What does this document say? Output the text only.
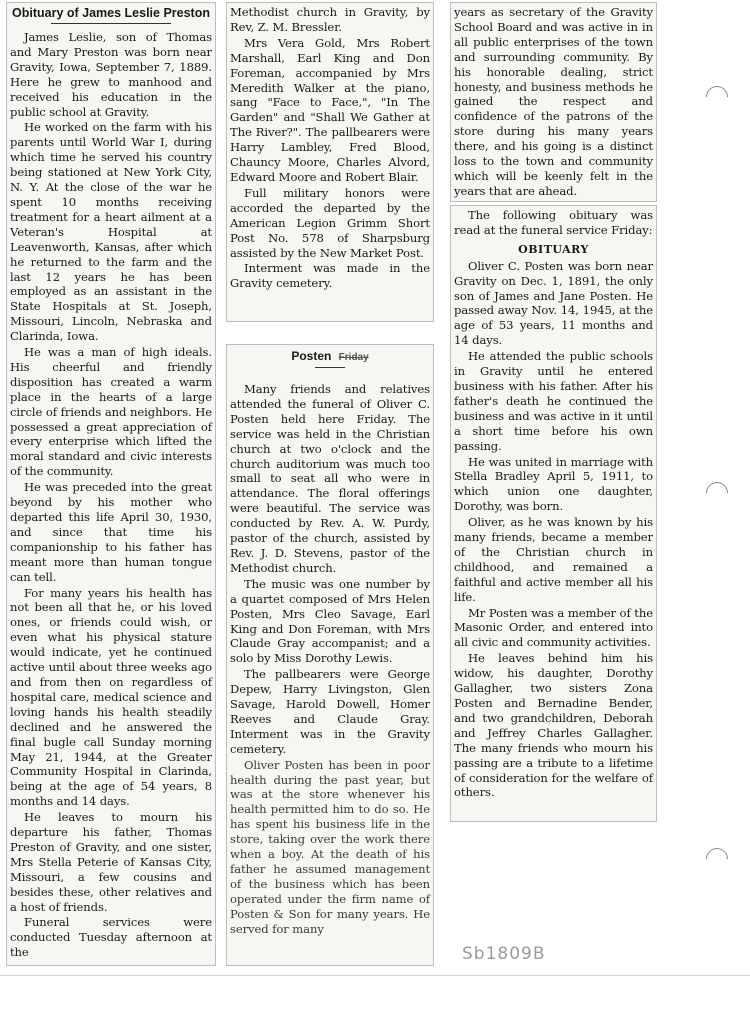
Obituary of James Leslie Preston

James Leslie, son of Thomas and Mary Preston was born near Gravity, Iowa, September 7, 1889. Here he grew to manhood and received his education in the public school at Gravity.

He worked on the farm with his parents until World War I, during which time he served his country being stationed at New York City, N. Y. At the close of the war he spent 10 months receiving treatment for a heart ailment at a Veteran's Hospital at Leavenworth, Kansas, after which he returned to the farm and the last 12 years he has been employed as an assistant in the State Hospitals at St. Joseph, Missouri, Lincoln, Nebraska and Clarinda, Iowa.

He was a man of high ideals. His cheerful and friendly disposition has created a warm place in the hearts of a large circle of friends and neighbors. He possessed a great appreciation of every enterprise which lifted the moral standard and civic interests of the community.

He was preceded into the great beyond by his mother who departed this life April 30, 1930, and since that time his companionship to his father has meant more than human tongue can tell.

For many years his health has not been all that he, or his loved ones, or friends could wish, or even what his physical stature would indicate, yet he continued active until about three weeks ago and from then on regardless of hospital care, medical science and loving hands his health steadily declined and he answered the final bugle call Sunday morning May 21, 1944, at the Greater Community Hospital in Clarinda, being at the age of 54 years, 8 months and 14 days.

He leaves to mourn his departure his father, Thomas Preston of Gravity, and one sister, Mrs Stella Peterie of Kansas City, Missouri, a few cousins and besides these, other relatives and a host of friends.

Funeral services were conducted Tuesday afternoon at the

Methodist church in Gravity, by Rev, Z. M. Bressler.

Mrs Vera Gold, Mrs Robert Marshall, Earl King and Don Foreman, accompanied by Mrs Meredith Walker at the piano, sang "Face to Face,", "In The Garden" and "Shall We Gather at The River?". The pallbearers were Harry Lambley, Fred Blood, Chauncy Moore, Charles Alvord, Edward Moore and Robert Blair.

Full military honors were accorded the departed by the American Legion Grimm Short Post No. 578 of Sharpsburg assisted by the New Market Post.

Interment was made in the Gravity cemetery.

Posten Friday

Many friends and relatives attended the funeral of Oliver C. Posten held here Friday. The service was held in the Christian church at two o'clock and the church auditorium was much too small to seat all who were in attendance. The floral offerings were beautiful. The service was conducted by Rev. A. W. Purdy, pastor of the church, assisted by Rev. J. D. Stevens, pastor of the Methodist church.

The music was one number by a quartet composed of Mrs Helen Posten, Mrs Cleo Savage, Earl King and Don Foreman, with Mrs Claude Gray accompanist; and a solo by Miss Dorothy Lewis.

The pallbearers were George Depew, Harry Livingston, Glen Savage, Harold Dowell, Homer Reeves and Claude Gray. Interment was in the Gravity cemetery.

Oliver Posten has been in poor health during the past year, but was at the store whenever his health permitted him to do so. He has spent his business life in the store, taking over the work there when a boy. At the death of his father he assumed management of the business which has been operated under the firm name of Posten & Son for many years. He served for many

years as secretary of the Gravity School Board and was active in in all public enterprises of the town and surrounding community. By his honorable dealing, strict honesty, and business methods he gained the respect and confidence of the patrons of the store during his many years there, and his going is a distinct loss to the town and community which will be keenly felt in the years that are ahead.

The following obituary was read at the funeral service Friday:

OBITUARY

Oliver C. Posten was born near Gravity on Dec. 1, 1891, the only son of James and Jane Posten. He passed away Nov. 14, 1945, at the age of 53 years, 11 months and 14 days.

He attended the public schools in Gravity until he entered business with his father. After his father's death he continued the business and was active in it until a short time before his own passing.

He was united in marriage with Stella Bradley April 5, 1911, to which union one daughter, Dorothy, was born.

Oliver, as he was known by his many friends, became a member of the Christian church in childhood, and remained a faithful and active member all his life.

Mr Posten was a member of the Masonic Order, and entered into all civic and community activities.

He leaves behind him his widow, his daughter, Dorothy Gallagher, two sisters Zona Posten and Bernadine Bender, and two grandchildren, Deborah and Jeffrey Charles Gallagher. The many friends who mourn his passing are a tribute to a lifetime of consideration for the welfare of others.

Sb1809B
